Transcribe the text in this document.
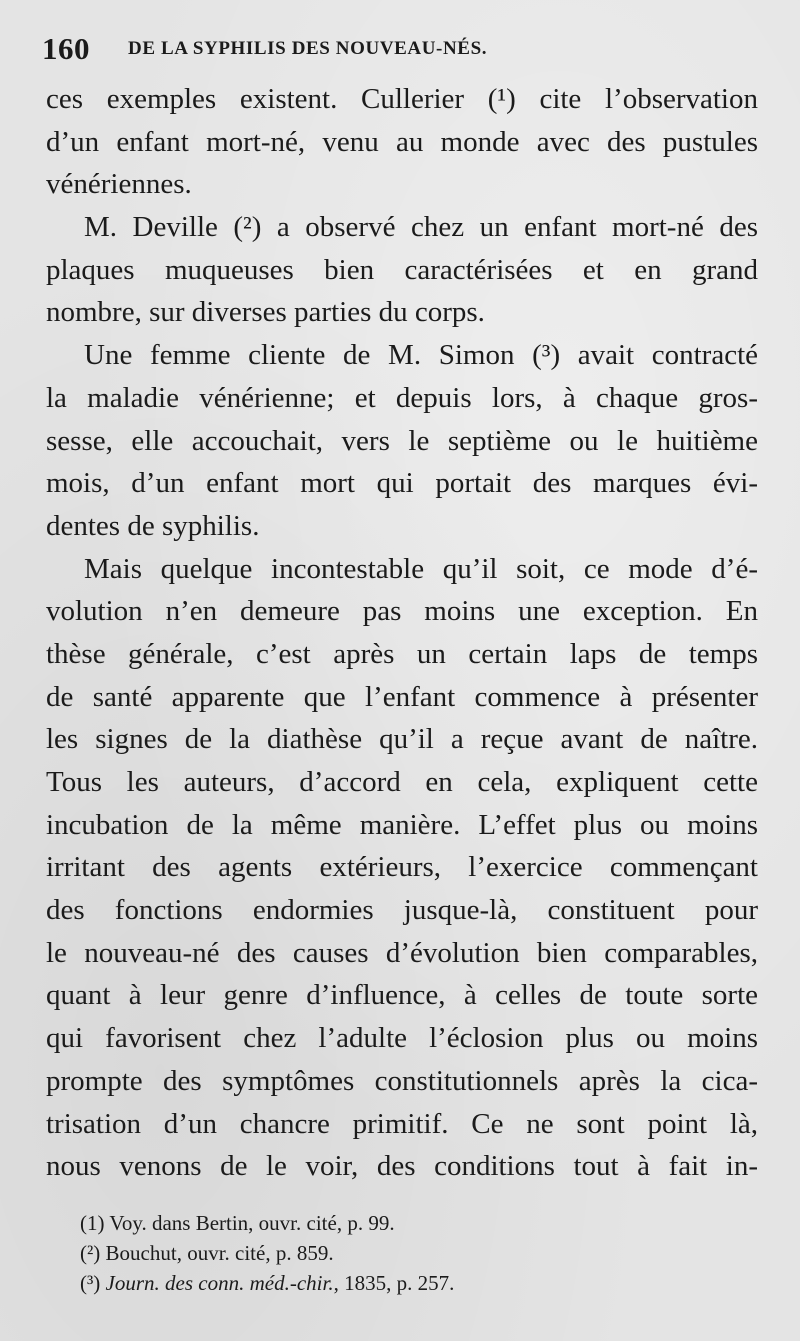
160 DE LA SYPHILIS DES NOUVEAU-NÉS.
ces exemples existent. Cullerier (¹) cite l’observation
d’un enfant mort-né, venu au monde avec des pustules
vénériennes.
M. Deville (²) a observé chez un enfant mort-né des
plaques muqueuses bien caractérisées et en grand
nombre, sur diverses parties du corps.
Une femme cliente de M. Simon (³) avait contracté
la maladie vénérienne; et depuis lors, à chaque gros-
sesse, elle accouchait, vers le septième ou le huitième
mois, d’un enfant mort qui portait des marques évi-
dentes de syphilis.
Mais quelque incontestable qu’il soit, ce mode d’é-
volution n’en demeure pas moins une exception. En
thèse générale, c’est après un certain laps de temps
de santé apparente que l’enfant commence à présenter
les signes de la diathèse qu’il a reçue avant de naître.
Tous les auteurs, d’accord en cela, expliquent cette
incubation de la même manière. L’effet plus ou moins
irritant des agents extérieurs, l’exercice commençant
des fonctions endormies jusque-là, constituent pour
le nouveau-né des causes d’évolution bien comparables,
quant à leur genre d’influence, à celles de toute sorte
qui favorisent chez l’adulte l’éclosion plus ou moins
prompte des symptômes constitutionnels après la cica-
trisation d’un chancre primitif. Ce ne sont point là,
nous venons de le voir, des conditions tout à fait in-
(1) Voy. dans Bertin, ouvr. cité, p. 99.
(²) Bouchut, ouvr. cité, p. 859.
(³) Journ. des conn. méd.-chir., 1835, p. 257.
